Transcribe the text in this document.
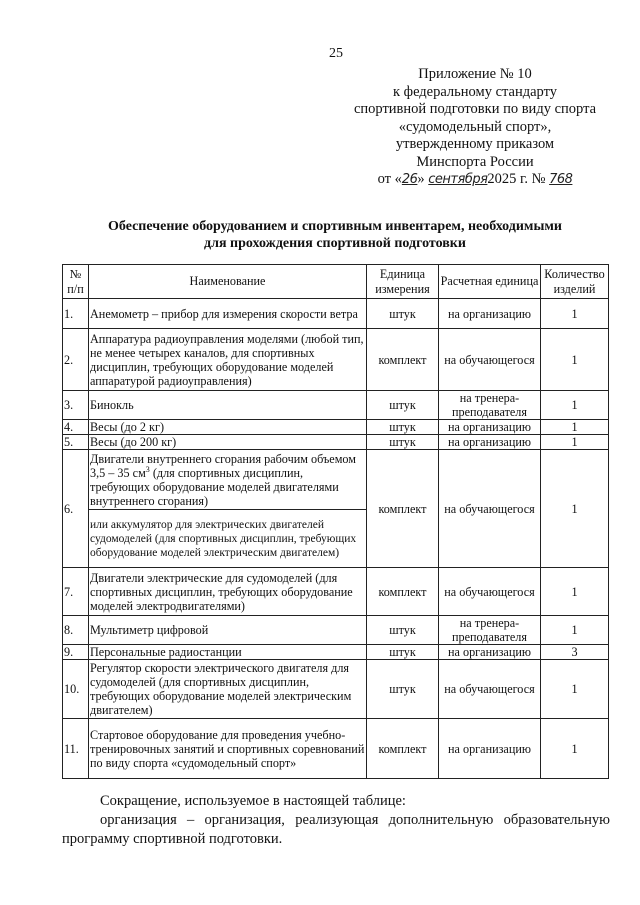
25
Приложение № 10
к федеральному стандарту
спортивной подготовки по виду спорта
«судомодельный спорт»,
утвержденному приказом
Минспорта России
от «26» сентября2025 г. № 768
Обеспечение оборудованием и спортивным инвентарем, необходимыми
для прохождения спортивной подготовки
№ п/п	Наименование	Единица измерения	Расчетная единица	Количество изделий
1.	Анемометр – прибор для измерения скорости ветра	штук	на организацию	1
2.	Аппаратура радиоуправления моделями (любой тип, не менее четырех каналов, для спортивных дисциплин, требующих оборудование моделей аппаратурой радиоуправления)	комплект	на обучающегося	1
3.	Бинокль	штук	на тренера-преподавателя	1
4.	Весы (до 2 кг)	штук	на организацию	1
5.	Весы (до 200 кг)	штук	на организацию	1
6.	Двигатели внутреннего сгорания рабочим объемом 3,5 – 35 $см^3$ (для спортивных дисциплин, требующих оборудование моделей двигателями внутреннего сгорания)	комплект	на обучающегося	1
	или аккумулятор для электрических двигателей судомоделей (для спортивных дисциплин, требующих оборудование моделей электрическим двигателем)			
7.	Двигатели электрические для судомоделей (для спортивных дисциплин, требующих оборудование моделей электродвигателями)	комплект	на обучающегося	1
8.	Мультиметр цифровой	штук	на тренера-преподавателя	1
9.	Персональные радиостанции	штук	на организацию	3
10.	Регулятор скорости электрического двигателя для судомоделей (для спортивных дисциплин, требующих оборудование моделей электрическим двигателем)	штук	на обучающегося	1
11.	Стартовое оборудование для проведения учебно-тренировочных занятий и спортивных соревнований по виду спорта «судомодельный спорт»	комплект	на организацию	1

Сокращение, используемое в настоящей таблице:

организация – организация, реализующая дополнительную образовательную программу спортивной подготовки.
